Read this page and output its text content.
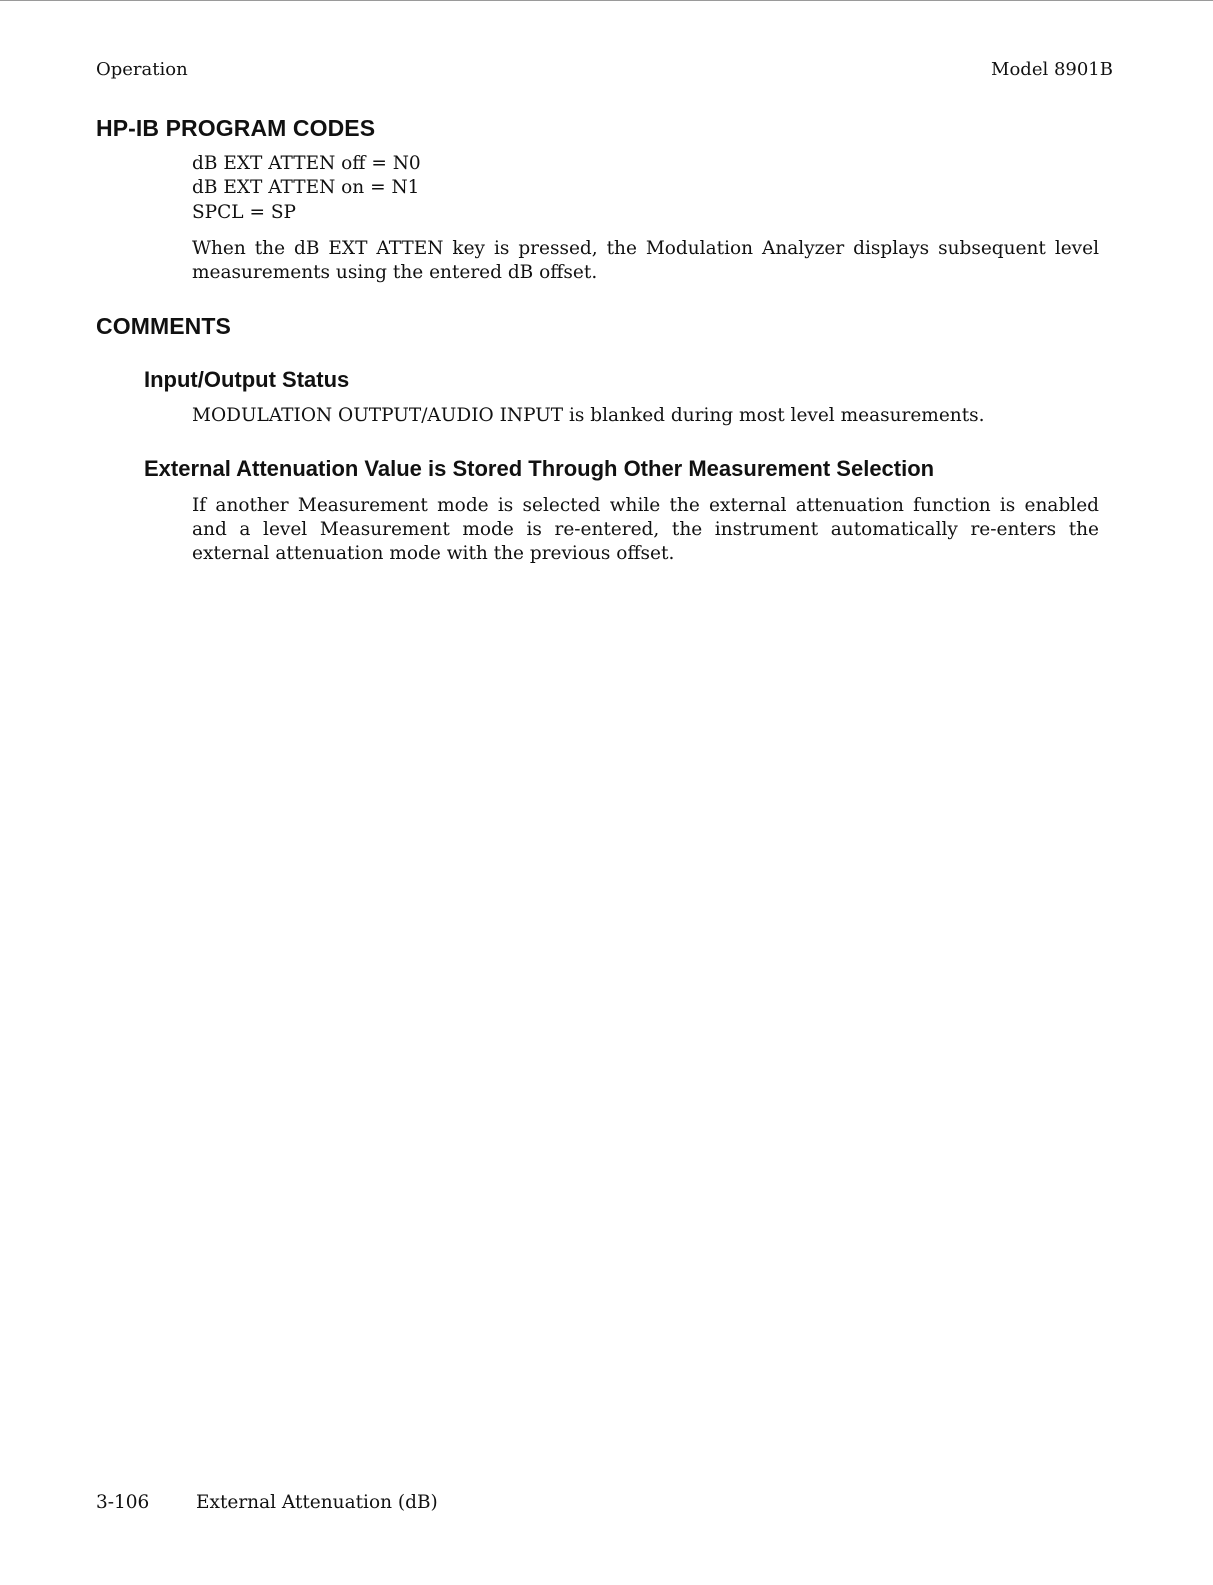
Operation	Model 8901B
HP-IB PROGRAM CODES
dB EXT ATTEN off = N0
dB EXT ATTEN on = N1
SPCL = SP
When the dB EXT ATTEN key is pressed, the Modulation Analyzer displays subsequent level measurements using the entered dB offset.
COMMENTS
Input/Output Status
MODULATION OUTPUT/AUDIO INPUT is blanked during most level measurements.
External Attenuation Value is Stored Through Other Measurement Selection
If another Measurement mode is selected while the external attenuation function is enabled and a level Measurement mode is re-entered, the instrument automatically re-enters the external attenuation mode with the previous offset.
3-106	External Attenuation (dB)
